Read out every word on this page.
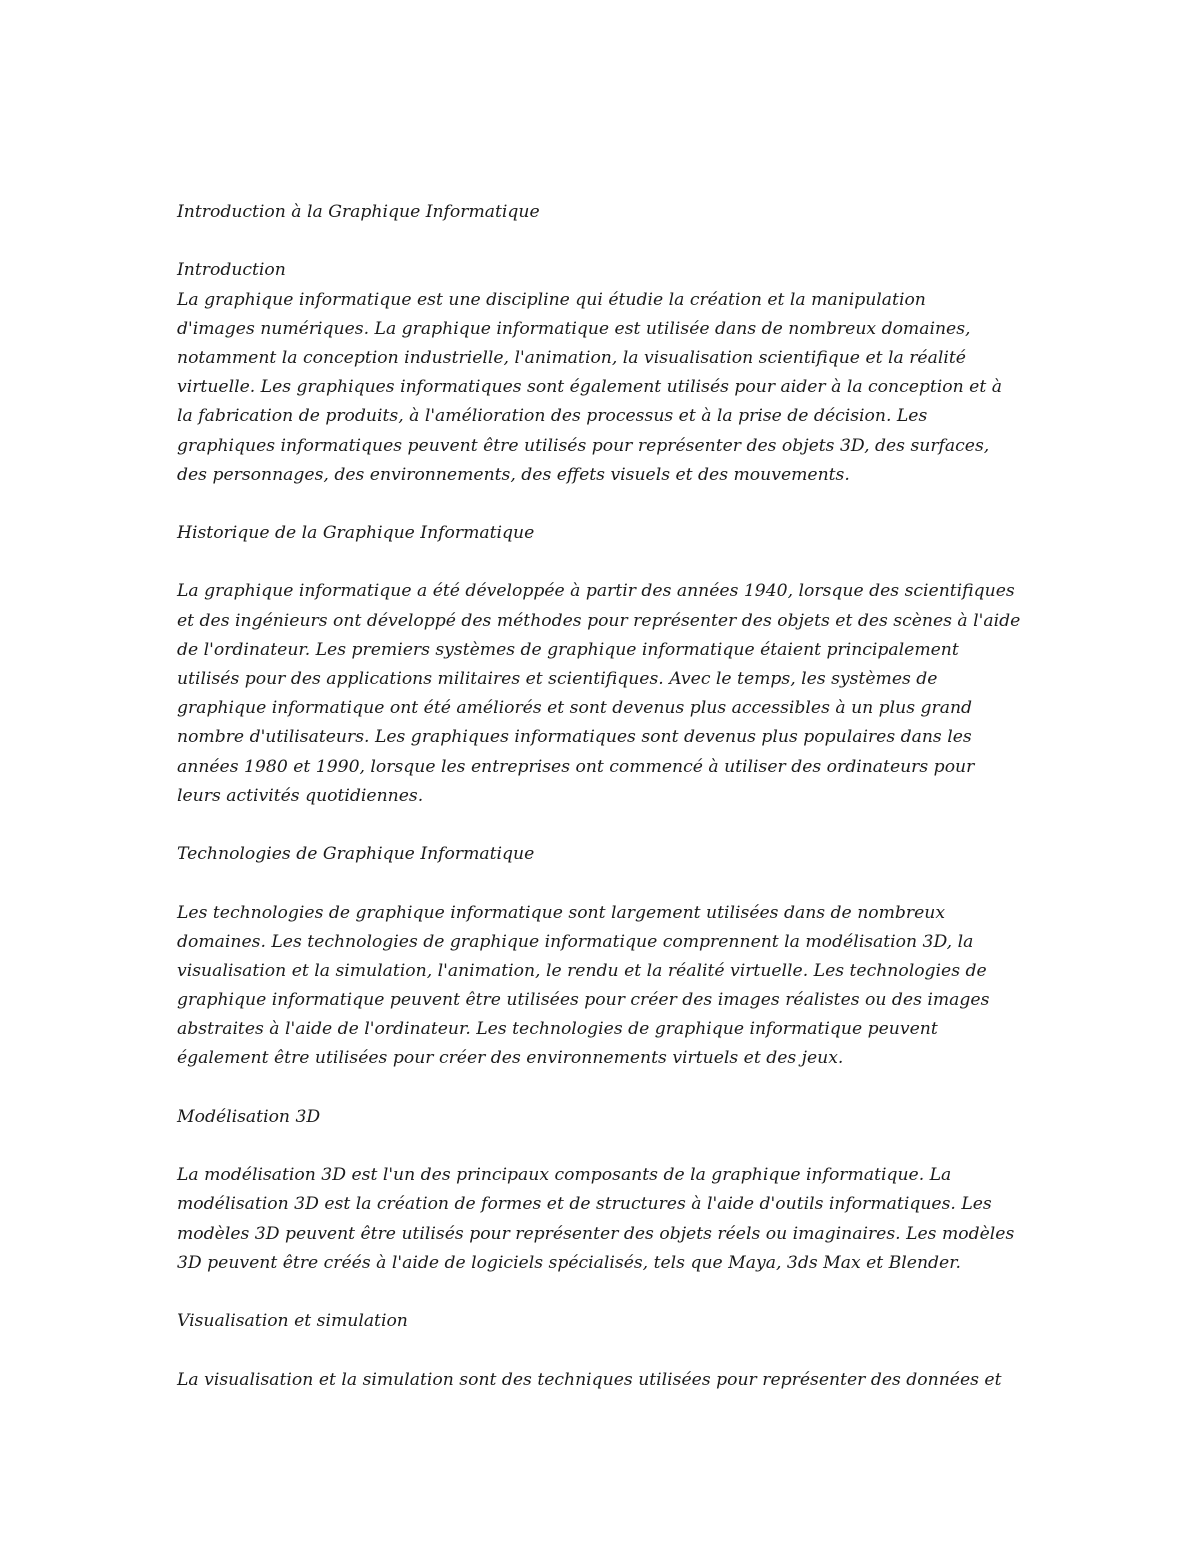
Introduction à la Graphique Informatique
Introduction
La graphique informatique est une discipline qui étudie la création et la manipulation
d'images numériques. La graphique informatique est utilisée dans de nombreux domaines,
notamment la conception industrielle, l'animation, la visualisation scientifique et la réalité
virtuelle. Les graphiques informatiques sont également utilisés pour aider à la conception et à
la fabrication de produits, à l'amélioration des processus et à la prise de décision. Les
graphiques informatiques peuvent être utilisés pour représenter des objets 3D, des surfaces,
des personnages, des environnements, des effets visuels et des mouvements.
Historique de la Graphique Informatique
La graphique informatique a été développée à partir des années 1940, lorsque des scientifiques
et des ingénieurs ont développé des méthodes pour représenter des objets et des scènes à l'aide
de l'ordinateur. Les premiers systèmes de graphique informatique étaient principalement
utilisés pour des applications militaires et scientifiques. Avec le temps, les systèmes de
graphique informatique ont été améliorés et sont devenus plus accessibles à un plus grand
nombre d'utilisateurs. Les graphiques informatiques sont devenus plus populaires dans les
années 1980 et 1990, lorsque les entreprises ont commencé à utiliser des ordinateurs pour
leurs activités quotidiennes.
Technologies de Graphique Informatique
Les technologies de graphique informatique sont largement utilisées dans de nombreux
domaines. Les technologies de graphique informatique comprennent la modélisation 3D, la
visualisation et la simulation, l'animation, le rendu et la réalité virtuelle. Les technologies de
graphique informatique peuvent être utilisées pour créer des images réalistes ou des images
abstraites à l'aide de l'ordinateur. Les technologies de graphique informatique peuvent
également être utilisées pour créer des environnements virtuels et des jeux.
Modélisation 3D
La modélisation 3D est l'un des principaux composants de la graphique informatique. La
modélisation 3D est la création de formes et de structures à l'aide d'outils informatiques. Les
modèles 3D peuvent être utilisés pour représenter des objets réels ou imaginaires. Les modèles
3D peuvent être créés à l'aide de logiciels spécialisés, tels que Maya, 3ds Max et Blender.
Visualisation et simulation
La visualisation et la simulation sont des techniques utilisées pour représenter des données et
